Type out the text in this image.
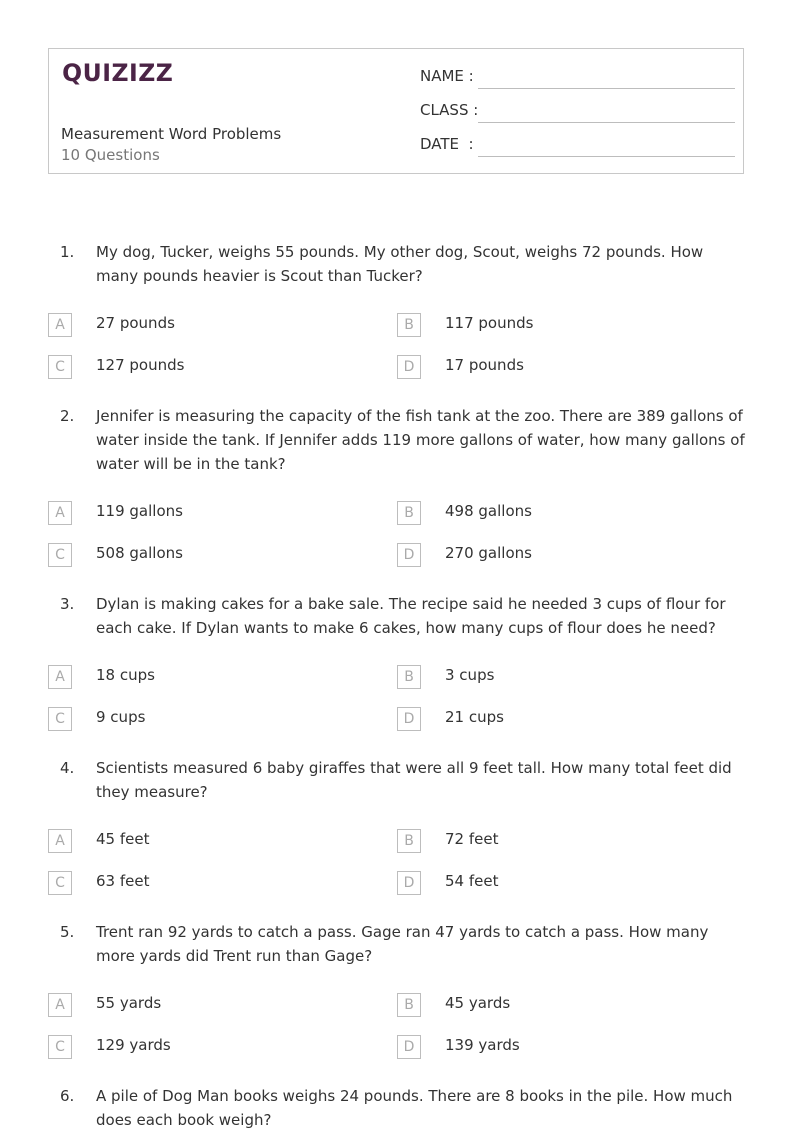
QUIZIZZ
Measurement Word Problems
10 Questions
NAME :
CLASS :
DATE  :
1. My dog, Tucker, weighs 55 pounds. My other dog, Scout, weighs 72 pounds. How many pounds heavier is Scout than Tucker?
A	27 pounds	B	117 pounds
C	127 pounds	D	17 pounds
2. Jennifer is measuring the capacity of the fish tank at the zoo. There are 389 gallons of water inside the tank. If Jennifer adds 119 more gallons of water, how many gallons of water will be in the tank?
A	119 gallons	B	498 gallons
C	508 gallons	D	270 gallons
3. Dylan is making cakes for a bake sale. The recipe said he needed 3 cups of flour for each cake. If Dylan wants to make 6 cakes, how many cups of flour does he need?
A	18 cups	B	3 cups
C	9 cups	D	21 cups
4. Scientists measured 6 baby giraffes that were all 9 feet tall. How many total feet did they measure?
A	45 feet	B	72 feet
C	63 feet	D	54 feet
5. Trent ran 92 yards to catch a pass. Gage ran 47 yards to catch a pass. How many more yards did Trent run than Gage?
A	55 yards	B	45 yards
C	129 yards	D	139 yards
6. A pile of Dog Man books weighs 24 pounds. There are 8 books in the pile. How much does each book weigh?
